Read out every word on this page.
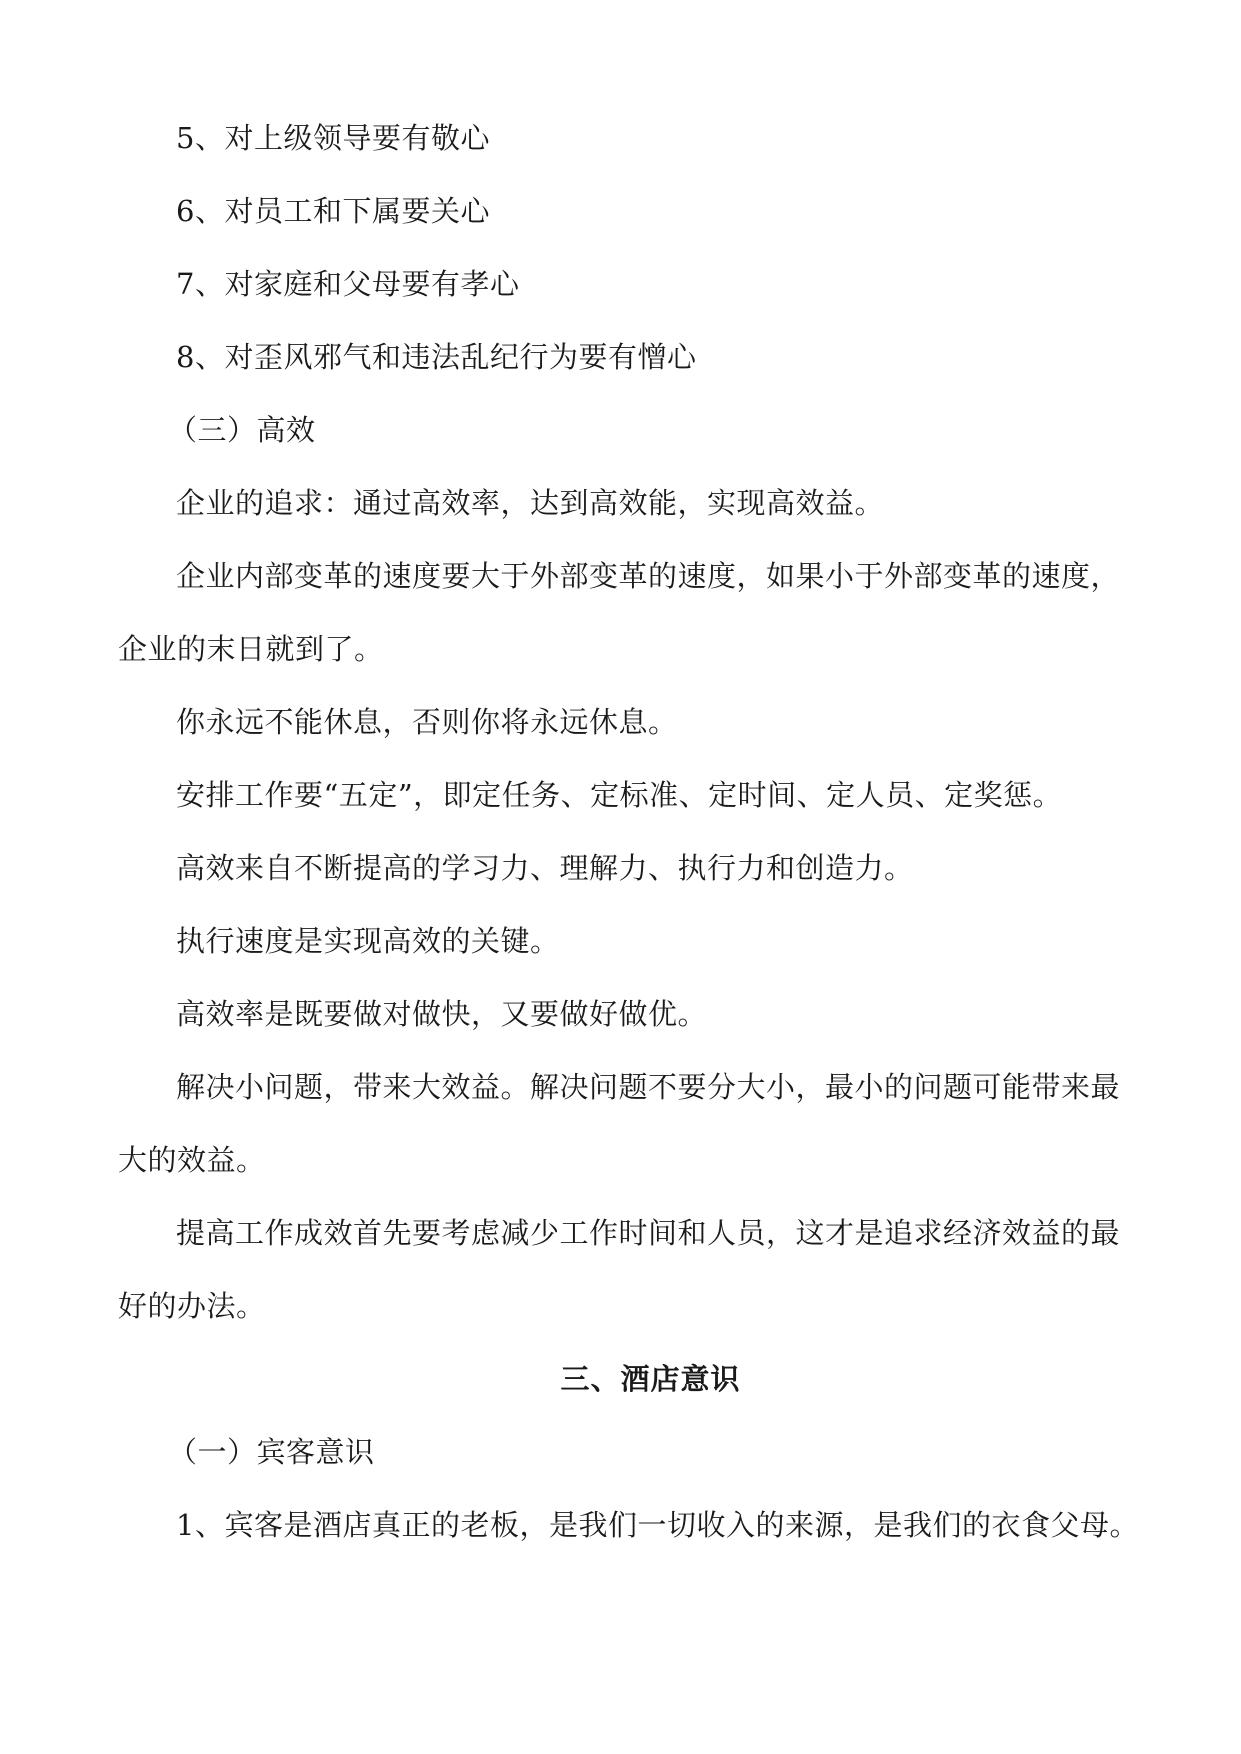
5、对上级领导要有敬心
6、对员工和下属要关心
7、对家庭和父母要有孝心
8、对歪风邪气和违法乱纪行为要有憎心
（三）高效
企业的追求：通过高效率，达到高效能，实现高效益。
企业内部变革的速度要大于外部变革的速度，如果小于外部变革的速度，
企业的末日就到了。
你永远不能休息，否则你将永远休息。
安排工作要“五定”，即定任务、定标准、定时间、定人员、定奖惩。
高效来自不断提高的学习力、理解力、执行力和创造力。
执行速度是实现高效的关键。
高效率是既要做对做快，又要做好做优。
解决小问题，带来大效益。解决问题不要分大小，最小的问题可能带来最
大的效益。
提高工作成效首先要考虑减少工作时间和人员，这才是追求经济效益的最
好的办法。
三、酒店意识
（一）宾客意识
1、宾客是酒店真正的老板，是我们一切收入的来源，是我们的衣食父母。
